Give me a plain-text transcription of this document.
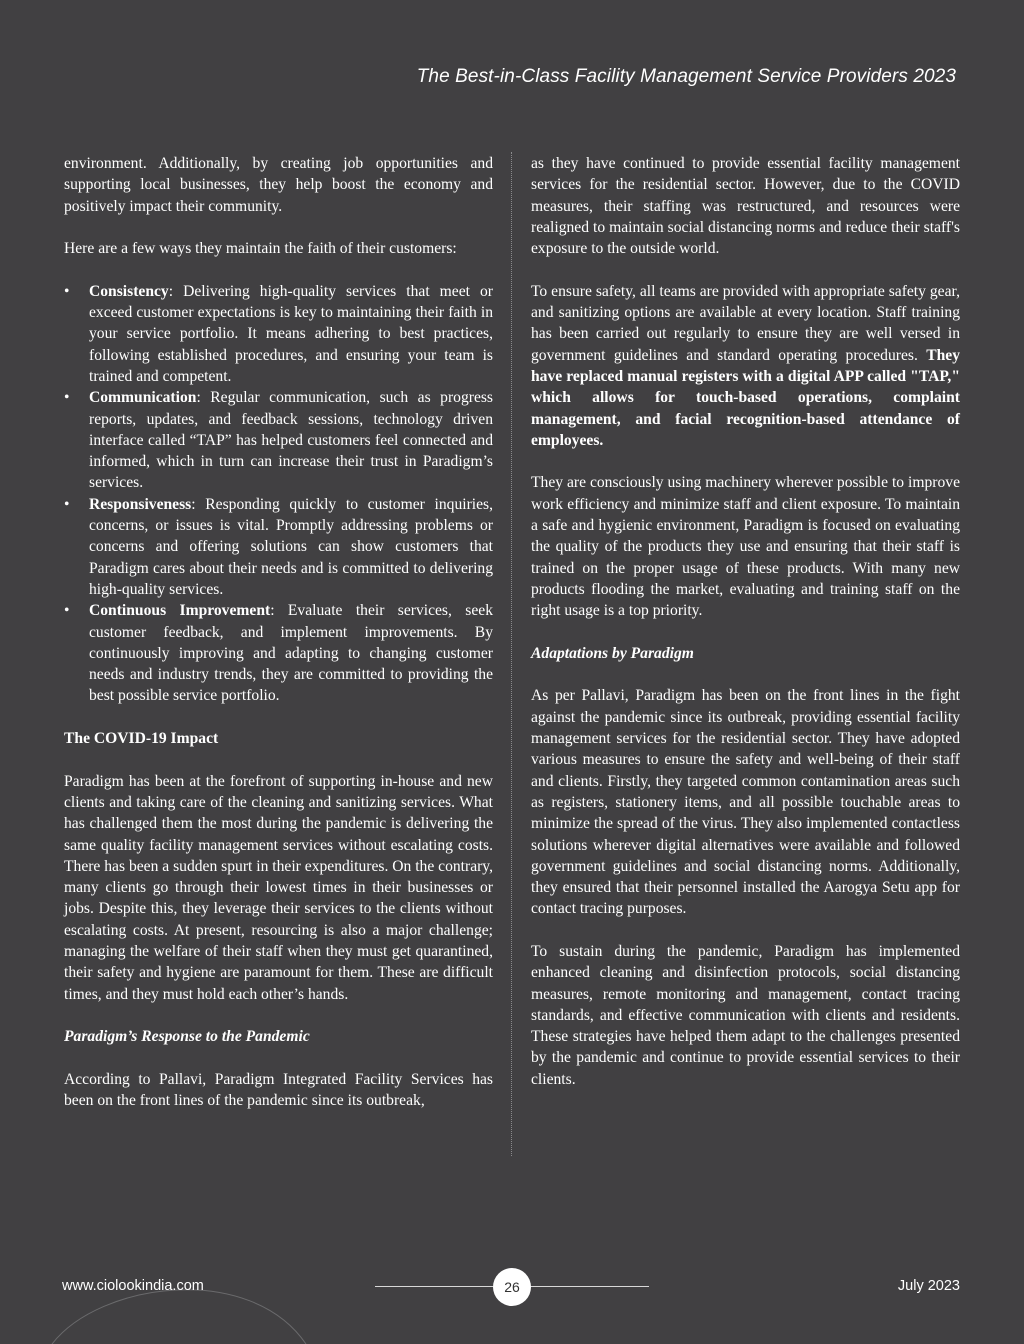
The Best-in-Class Facility Management Service Providers 2023

environment. Additionally, by creating job opportunities and supporting local businesses, they help boost the economy and positively impact their community.

Here are a few ways they maintain the faith of their customers:

• Consistency: Delivering high-quality services that meet or exceed customer expectations is key to maintaining their faith in your service portfolio. It means adhering to best practices, following established procedures, and ensuring your team is trained and competent.
• Communication: Regular communication, such as progress reports, updates, and feedback sessions, technology driven interface called “TAP” has helped customers feel connected and informed, which in turn can increase their trust in Paradigm’s services.
• Responsiveness: Responding quickly to customer inquiries, concerns, or issues is vital. Promptly addressing problems or concerns and offering solutions can show customers that Paradigm cares about their needs and is committed to delivering high-quality services.
• Continuous Improvement: Evaluate their services, seek customer feedback, and implement improvements. By continuously improving and adapting to changing customer needs and industry trends, they are committed to providing the best possible service portfolio.

The COVID-19 Impact

Paradigm has been at the forefront of supporting in-house and new clients and taking care of the cleaning and sanitizing services. What has challenged them the most during the pandemic is delivering the same quality facility management services without escalating costs. There has been a sudden spurt in their expenditures. On the contrary, many clients go through their lowest times in their businesses or jobs. Despite this, they leverage their services to the clients without escalating costs. At present, resourcing is also a major challenge; managing the welfare of their staff when they must get quarantined, their safety and hygiene are paramount for them. These are difficult times, and they must hold each other’s hands.

Paradigm’s Response to the Pandemic

According to Pallavi, Paradigm Integrated Facility Services has been on the front lines of the pandemic since its outbreak,

as they have continued to provide essential facility management services for the residential sector. However, due to the COVID measures, their staffing was restructured, and resources were realigned to maintain social distancing norms and reduce their staff's exposure to the outside world.

To ensure safety, all teams are provided with appropriate safety gear, and sanitizing options are available at every location. Staff training has been carried out regularly to ensure they are well versed in government guidelines and standard operating procedures. They have replaced manual registers with a digital APP called "TAP," which allows for touch-based operations, complaint management, and facial recognition-based attendance of employees.

They are consciously using machinery wherever possible to improve work efficiency and minimize staff and client exposure. To maintain a safe and hygienic environment, Paradigm is focused on evaluating the quality of the products they use and ensuring that their staff is trained on the proper usage of these products. With many new products flooding the market, evaluating and training staff on the right usage is a top priority.

Adaptations by Paradigm

As per Pallavi, Paradigm has been on the front lines in the fight against the pandemic since its outbreak, providing essential facility management services for the residential sector. They have adopted various measures to ensure the safety and well-being of their staff and clients. Firstly, they targeted common contamination areas such as registers, stationery items, and all possible touchable areas to minimize the spread of the virus. They also implemented contactless solutions wherever digital alternatives were available and followed government guidelines and social distancing norms. Additionally, they ensured that their personnel installed the Aarogya Setu app for contact tracing purposes.

To sustain during the pandemic, Paradigm has implemented enhanced cleaning and disinfection protocols, social distancing measures, remote monitoring and management, contact tracing standards, and effective communication with clients and residents. These strategies have helped them adapt to the challenges presented by the pandemic and continue to provide essential services to their clients.

www.ciolookindia.com	26	July 2023
